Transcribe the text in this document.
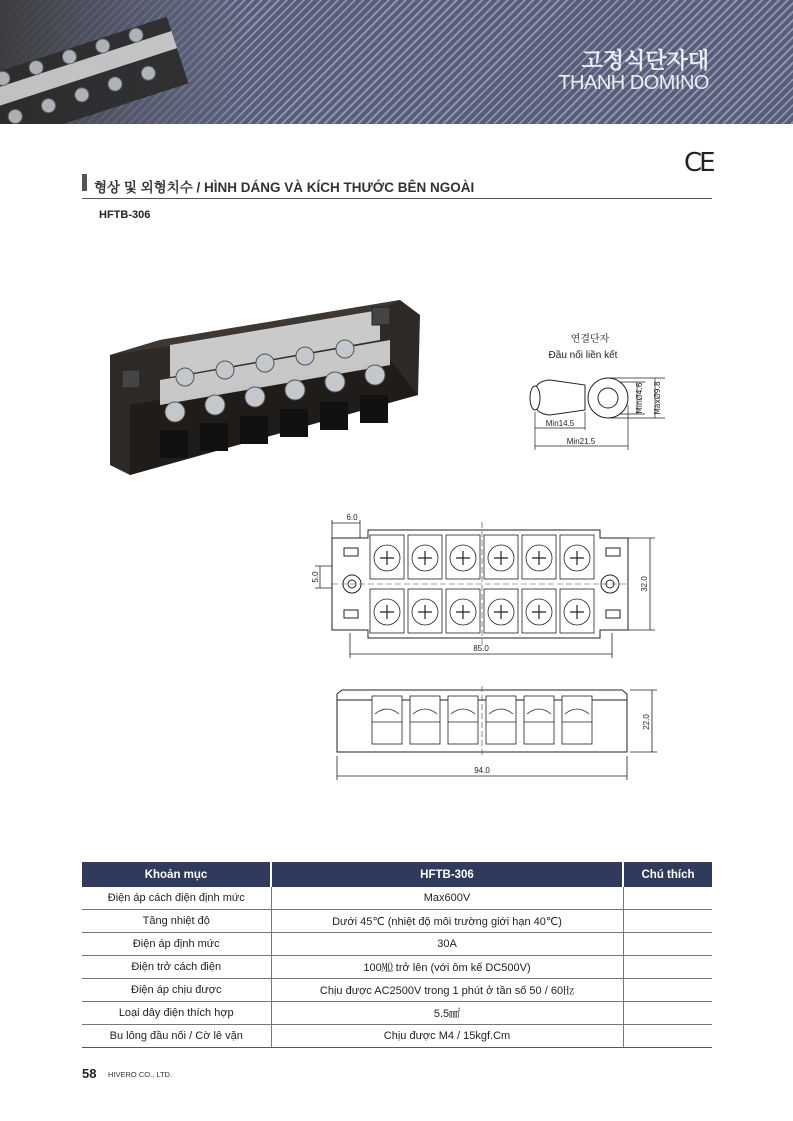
고정식단자대
THANH DOMINO
CE
형상 및 외형치수 / HÌNH DÁNG VÀ KÍCH THƯỚC BÊN NGOÀI
HFTB-306
연결단자
Đầu nối liền kết
Min14.5
Min21.5
MinØ4.6 MaxØ9.8
6.0
5.0	32.0
85.0
22.0
94.0
Khoản mục	HFTB-306	Chú thích
Điện áp cách điện định mức	Max600V	
Tăng nhiệt độ	Dưới 45℃ (nhiệt độ môi trường giới hạn 40℃)	
Điện áp định mức	30A	
Điện trở cách điện	100㏁ trở lên (với ôm kế DC500V)	
Điện áp chịu được	Chịu được AC2500V trong 1 phút ở tần số 50 / 60㎐	
Loại dây điện thích hợp	5.5㎟	
Bu lông đầu nối / Cờ lê vặn	Chịu được M4 / 15kgf.Cm	
58 HIVERO CO., LTD.
